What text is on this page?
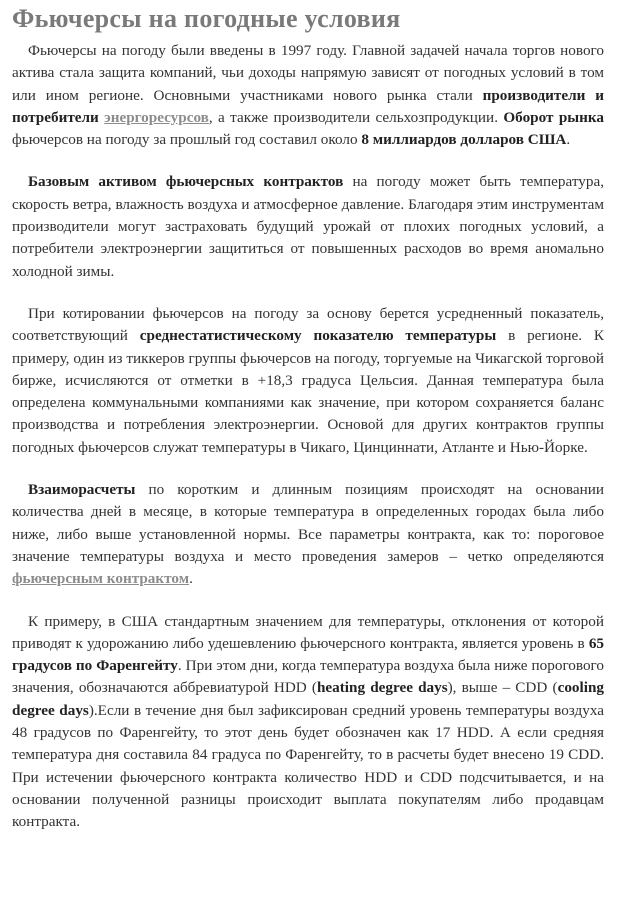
Фьючерсы на погодные условия

Фьючерсы на погоду были введены в 1997 году. Главной задачей начала торгов нового актива стала защита компаний, чьи доходы напрямую зависят от погодных условий в том или ином регионе. Основными участниками нового рынка стали производители и потребители энергоресурсов, а также производители сельхозпродукции. Оборот рынка фьючерсов на погоду за прошлый год составил около 8 миллиардов долларов США.

Базовым активом фьючерсных контрактов на погоду может быть температура, скорость ветра, влажность воздуха и атмосферное давление. Благодаря этим инструментам производители могут застраховать будущий урожай от плохих погодных условий, а потребители электроэнергии защититься от повышенных расходов во время аномально холодной зимы.

При котировании фьючерсов на погоду за основу берется усредненный показатель, соответствующий среднестатистическому показателю температуры в регионе. К примеру, один из тиккеров группы фьючерсов на погоду, торгуемые на Чикагской торговой бирже, исчисляются от отметки в +18,3 градуса Цельсия. Данная температура была определена коммунальными компаниями как значение, при котором сохраняется баланс производства и потребления электроэнергии. Основой для других контрактов группы погодных фьючерсов служат температуры в Чикаго, Цинциннати, Атланте и Нью-Йорке.

Взаиморасчеты по коротким и длинным позициям происходят на основании количества дней в месяце, в которые температура в определенных городах была либо ниже, либо выше установленной нормы. Все параметры контракта, как то: пороговое значение температуры воздуха и место проведения замеров – четко определяются фьючерсным контрактом.

К примеру, в США стандартным значением для температуры, отклонения от которой приводят к удорожанию либо удешевлению фьючерсного контракта, является уровень в 65 градусов по Фаренгейту. При этом дни, когда температура воздуха была ниже порогового значения, обозначаются аббревиатурой HDD (heating degree days), выше – CDD (cooling degree days).Если в течение дня был зафиксирован средний уровень температуры воздуха 48 градусов по Фаренгейту, то этот день будет обозначен как 17 HDD. А если средняя температура дня составила 84 градуса по Фаренгейту, то в расчеты будет внесено 19 CDD. При истечении фьючерсного контракта количество HDD и CDD подсчитывается, и на основании полученной разницы происходит выплата покупателям либо продавцам контракта.
